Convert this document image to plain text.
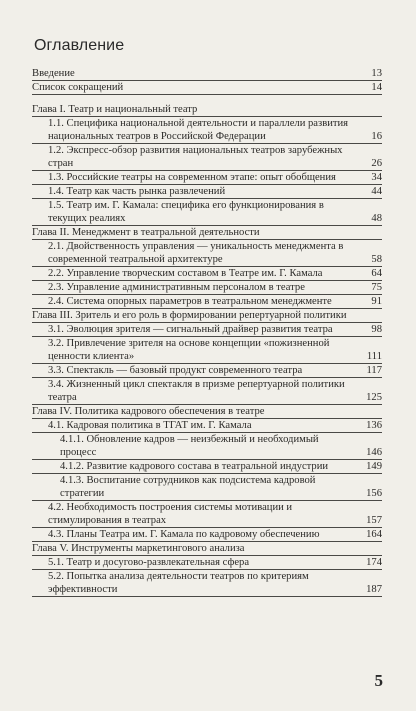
Оглавление
Введение	13
Список сокращений	14
Глава I. Театр и национальный театр
1.1. Специфика национальной деятельности и параллели развития национальных театров в Российской Федерации	16
1.2. Экспресс-обзор развития национальных театров зарубежных стран	26
1.3. Российские театры на современном этапе: опыт обобщения	34
1.4. Театр как часть рынка развлечений	44
1.5. Театр им. Г. Камала: специфика его функционирования в текущих реалиях	48
Глава II. Менеджмент в театральной деятельности
2.1. Двойственность управления — уникальность менеджмента в современной театральной архитектуре	58
2.2. Управление творческим составом в Театре им. Г. Камала	64
2.3. Управление административным персоналом в театре	75
2.4. Система опорных параметров в театральном менеджменте	91
Глава III. Зритель и его роль в формировании репертуарной политики
3.1. Эволюция зрителя — сигнальный драйвер развития театра	98
3.2. Привлечение зрителя на основе концепции «пожизненной ценности клиента»	111
3.3. Спектакль — базовый продукт современного театра	117
3.4. Жизненный цикл спектакля в призме репертуарной политики театра	125
Глава IV. Политика кадрового обеспечения в театре
4.1. Кадровая политика в ТГАТ им. Г. Камала	136
4.1.1. Обновление кадров — неизбежный и необходимый процесс	146
4.1.2. Развитие кадрового состава в театральной индустрии	149
4.1.3. Воспитание сотрудников как подсистема кадровой стратегии	156
4.2. Необходимость построения системы мотивации и стимулирования в театрах	157
4.3. Планы Театра им. Г. Камала по кадровому обеспечению	164
Глава V. Инструменты маркетингового анализа
5.1. Театр и досугово-развлекательная сфера	174
5.2. Попытка анализа деятельности театров по критериям эффективности	187
5
